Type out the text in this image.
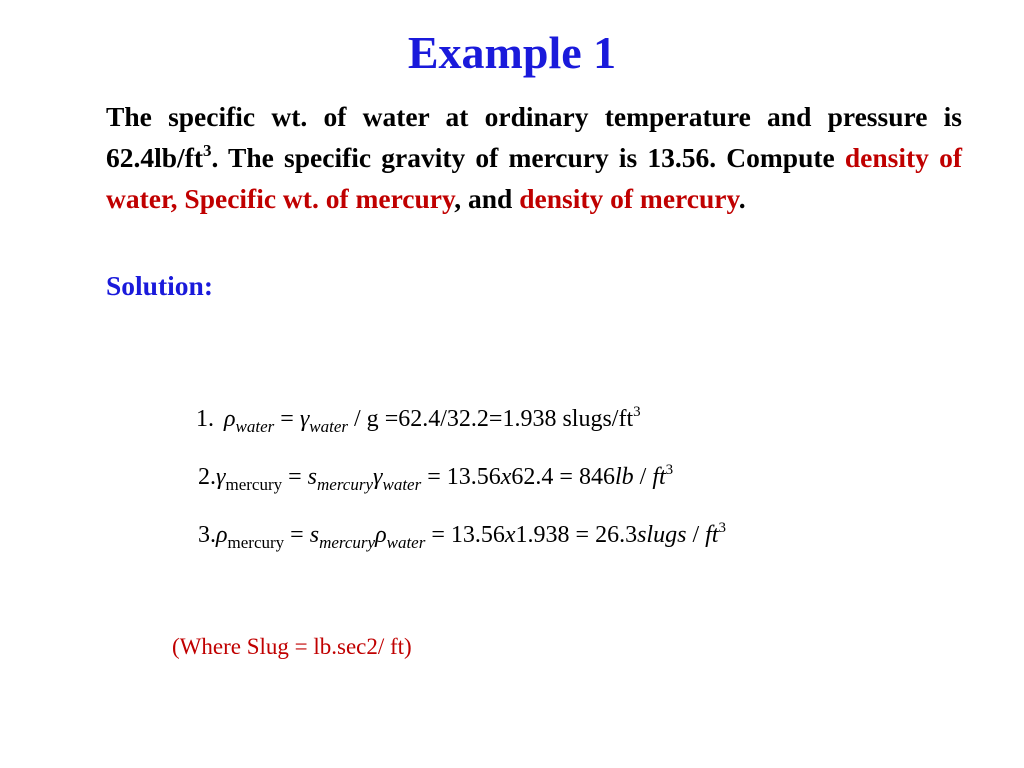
Example 1

The specific wt. of water at ordinary temperature and pressure is $62.4lb/ft^3$. The specific gravity of mercury is 13.56. Compute density of water, Specific wt. of mercury, and density of mercury.

Solution:

1. $\rho_{water} = \gamma_{water} / g =62.4/32.2=1.938$ slugs/$ft^3$
$2.\gamma_{mercury} = s_{mercury}\gamma_{water} = 13.56x62.4 = 846lb / ft^3$
$3.\rho_{mercury} = s_{mercury}\rho_{water} = 13.56x1.938$ = 26.3slugs / $ft^3$

(Where Slug = lb.sec2/ ft)
